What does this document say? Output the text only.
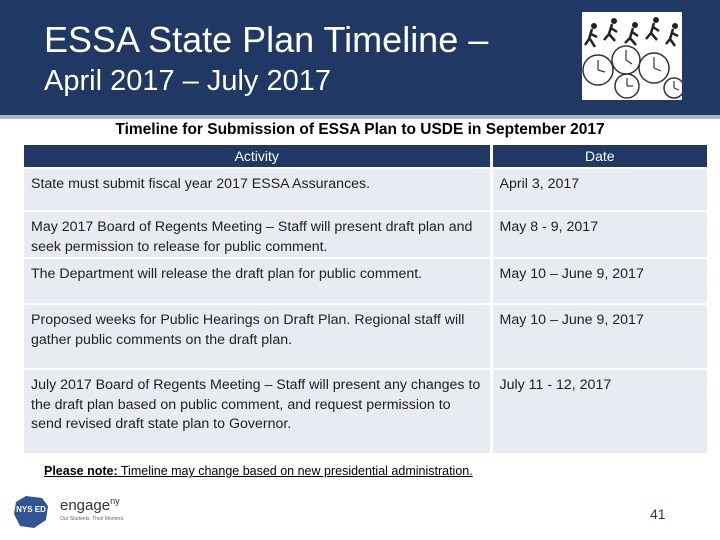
ESSA State Plan Timeline –
April 2017 – July 2017
Timeline for Submission of ESSA Plan to USDE in September 2017
Activity	Date
State must submit fiscal year 2017 ESSA Assurances.	April 3, 2017
May 2017 Board of Regents Meeting – Staff will present draft plan and seek permission to release for public comment.	May 8 - 9, 2017
The Department will release the draft plan for public comment.	May 10 – June 9, 2017
Proposed weeks for Public Hearings on Draft Plan. Regional staff will gather public comments on the draft plan.	May 10 – June 9, 2017
July 2017 Board of Regents Meeting – Staff will present any changes to the draft plan based on public comment, and request permission to send revised draft state plan to Governor.	July 11 - 12, 2017
Please note: Timeline may change based on new presidential administration.
NYS ED engage$^{ny}$
Our Students. Their Moment.	41
